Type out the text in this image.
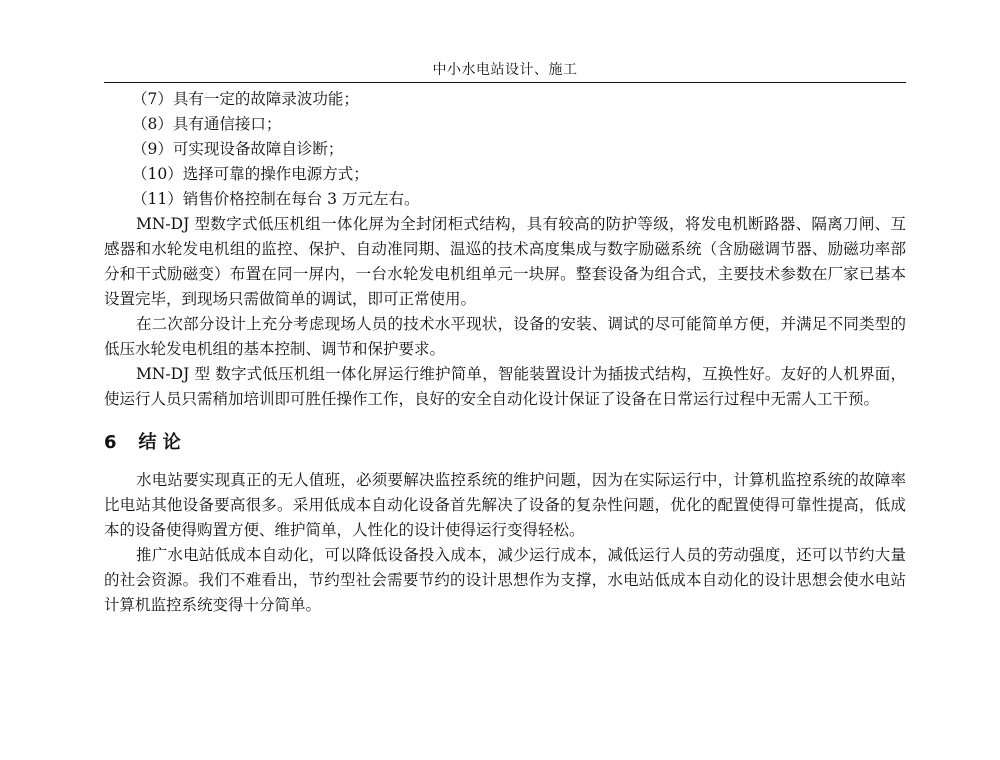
中小水电站设计、施工
（7）具有一定的故障录波功能；
（8）具有通信接口；
（9）可实现设备故障自诊断；
（10）选择可靠的操作电源方式；
（11）销售价格控制在每台 3 万元左右。

MN-DJ 型数字式低压机组一体化屏为全封闭柜式结构，具有较高的防护等级，将发电机断路器、隔离刀闸、互感器和水轮发电机组的监控、保护、自动准同期、温巡的技术高度集成与数字励磁系统（含励磁调节器、励磁功率部分和干式励磁变）布置在同一屏内，一台水轮发电机组单元一块屏。整套设备为组合式，主要技术参数在厂家已基本设置完毕，到现场只需做简单的调试，即可正常使用。

在二次部分设计上充分考虑现场人员的技术水平现状，设备的安装、调试的尽可能简单方便，并满足不同类型的低压水轮发电机组的基本控制、调节和保护要求。

MN-DJ 型 数字式低压机组一体化屏运行维护简单，智能装置设计为插拔式结构，互换性好。友好的人机界面，使运行人员只需稍加培训即可胜任操作工作，良好的安全自动化设计保证了设备在日常运行过程中无需人工干预。

6 结 论

水电站要实现真正的无人值班，必须要解决监控系统的维护问题，因为在实际运行中，计算机监控系统的故障率比电站其他设备要高很多。采用低成本自动化设备首先解决了设备的复杂性问题，优化的配置使得可靠性提高，低成本的设备使得购置方便、维护简单，人性化的设计使得运行变得轻松。

推广水电站低成本自动化，可以降低设备投入成本，减少运行成本，减低运行人员的劳动强度，还可以节约大量的社会资源。我们不难看出，节约型社会需要节约的设计思想作为支撑，水电站低成本自动化的设计思想会使水电站计算机监控系统变得十分简单。
